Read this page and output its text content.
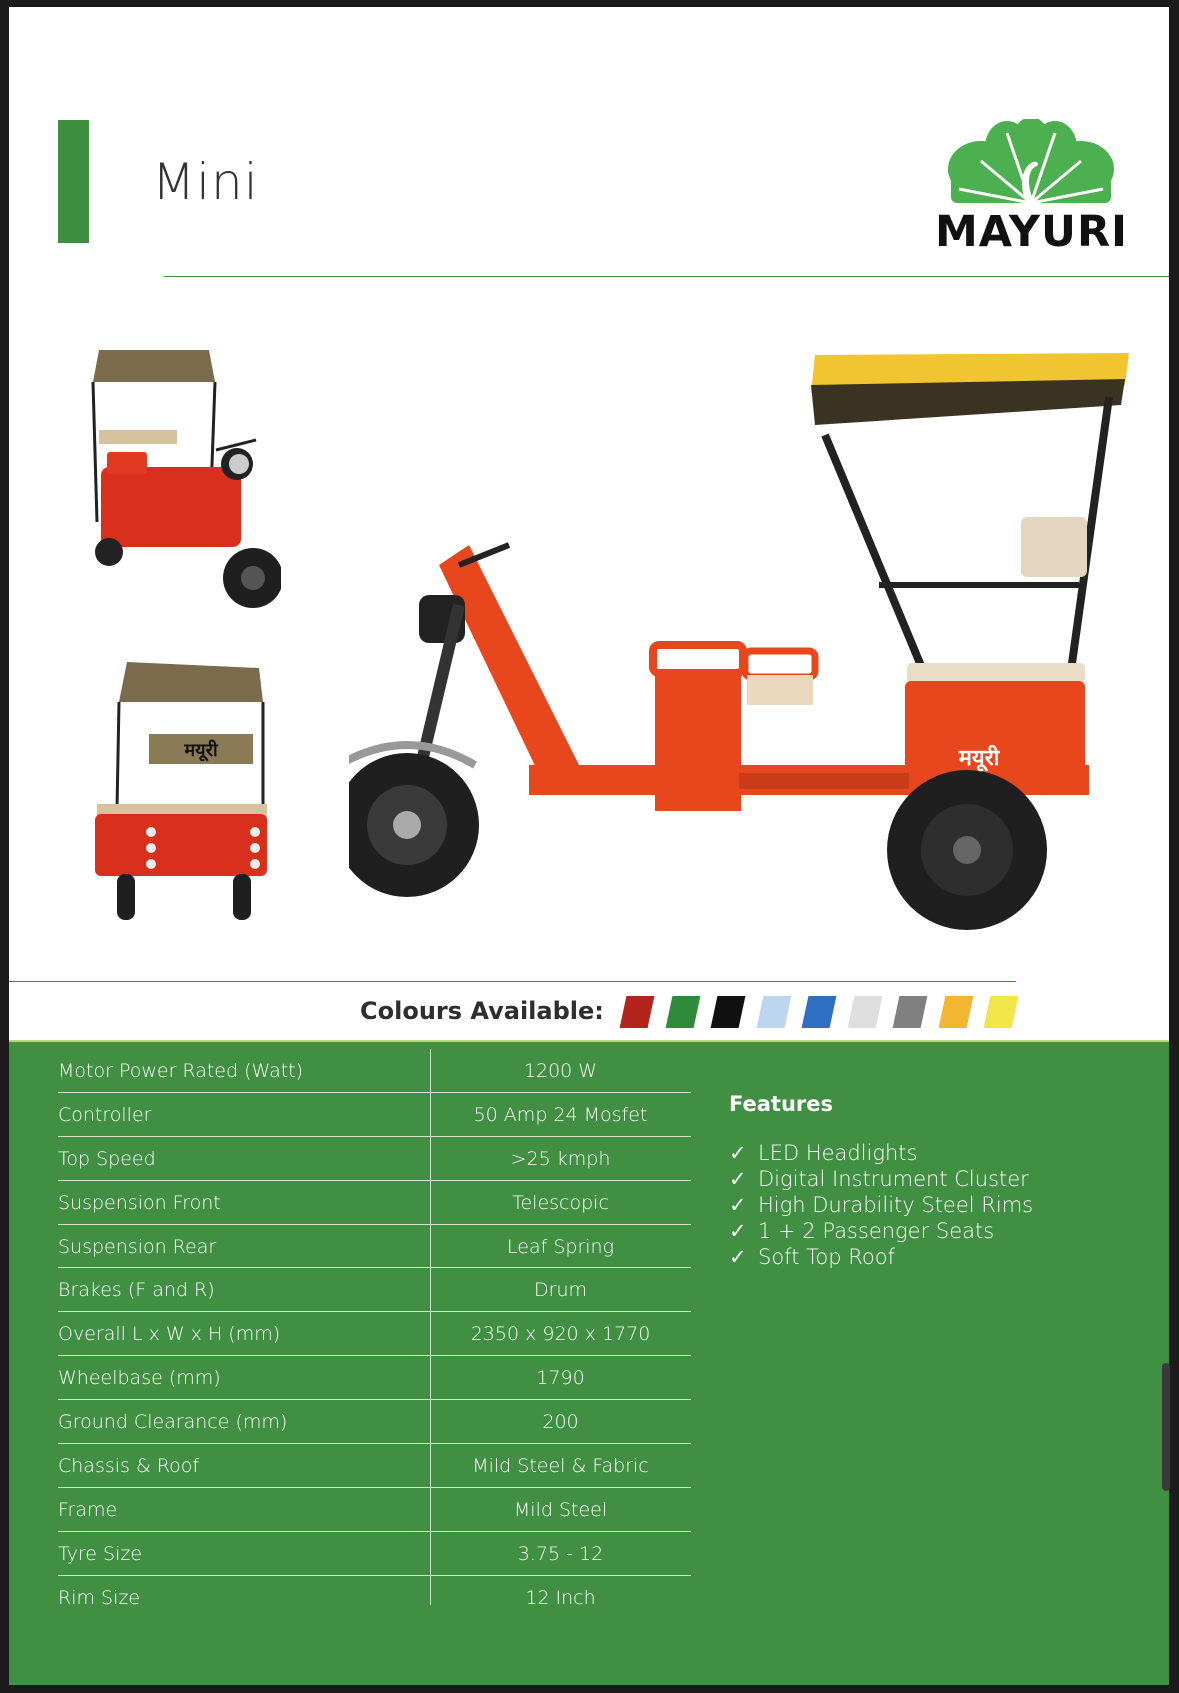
Mini
MAYURI
मयूरी	मयूरी
Colours Available:
Motor Power Rated (Watt)	1200 W
Controller	50 Amp 24 Mosfet
Top Speed	>25 kmph
Suspension Front	Telescopic
Suspension Rear	Leaf Spring
Brakes (F and R)	Drum
Overall L x W x H (mm)	2350 x 920 x 1770
Wheelbase (mm)	1790
Ground Clearance (mm)	200
Chassis & Roof	Mild Steel & Fabric
Frame	Mild Steel
Tyre Size	3.75 - 12
Rim Size	12 Inch
Features
✓ LED Headlights
✓ Digital Instrument Cluster
✓ High Durability Steel Rims
✓ 1 + 2 Passenger Seats
✓ Soft Top Roof
